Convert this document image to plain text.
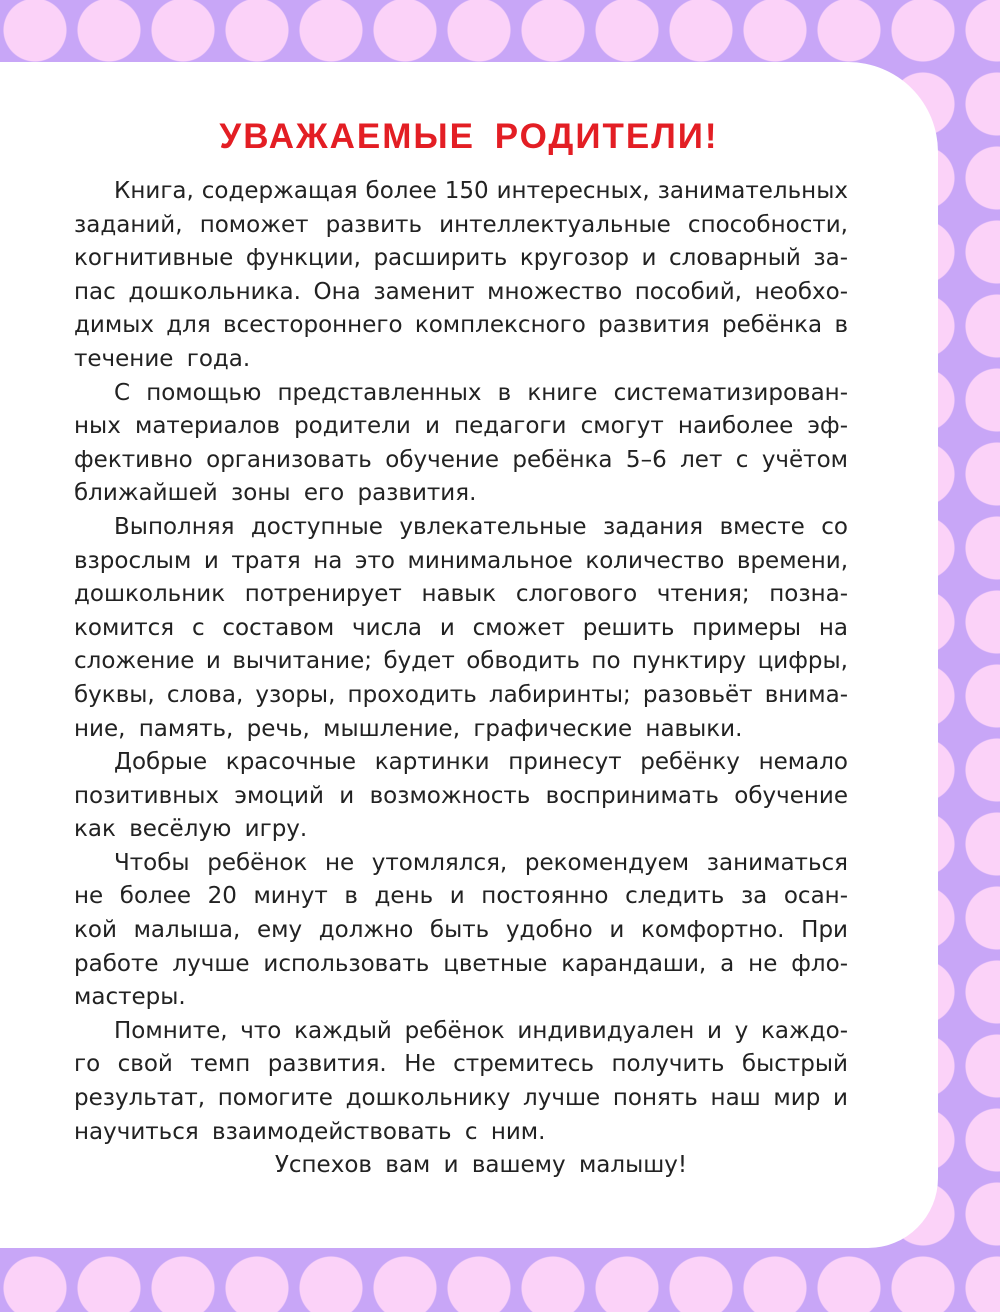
УВАЖАЕМЫЕ РОДИТЕЛИ!

Книга, содержащая более 150 интересных, занимательных
заданий, поможет развить интеллектуальные способности,
когнитивные функции, расширить кругозор и словарный за-
пас дошкольника. Она заменит множество пособий, необхо-
димых для всестороннего комплексного развития ребёнка в
течение года.

С помощью представленных в книге систематизирован-
ных материалов родители и педагоги смогут наиболее эф-
фективно организовать обучение ребёнка 5–6 лет с учётом
ближайшей зоны его развития.

Выполняя доступные увлекательные задания вместе со
взрослым и тратя на это минимальное количество времени,
дошкольник потренирует навык слогового чтения; позна-
комится с составом числа и сможет решить примеры на
сложение и вычитание; будет обводить по пунктиру цифры,
буквы, слова, узоры, проходить лабиринты; разовьёт внима-
ние, память, речь, мышление, графические навыки.

Добрые красочные картинки принесут ребёнку немало
позитивных эмоций и возможность воспринимать обучение
как весёлую игру.

Чтобы ребёнок не утомлялся, рекомендуем заниматься
не более 20 минут в день и постоянно следить за осан-
кой малыша, ему должно быть удобно и комфортно. При
работе лучше использовать цветные карандаши, а не фло-
мастеры.

Помните, что каждый ребёнок индивидуален и у каждо-
го свой темп развития. Не стремитесь получить быстрый
результат, помогите дошкольнику лучше понять наш мир и
научиться взаимодействовать с ним.

Успехов вам и вашему малышу!
